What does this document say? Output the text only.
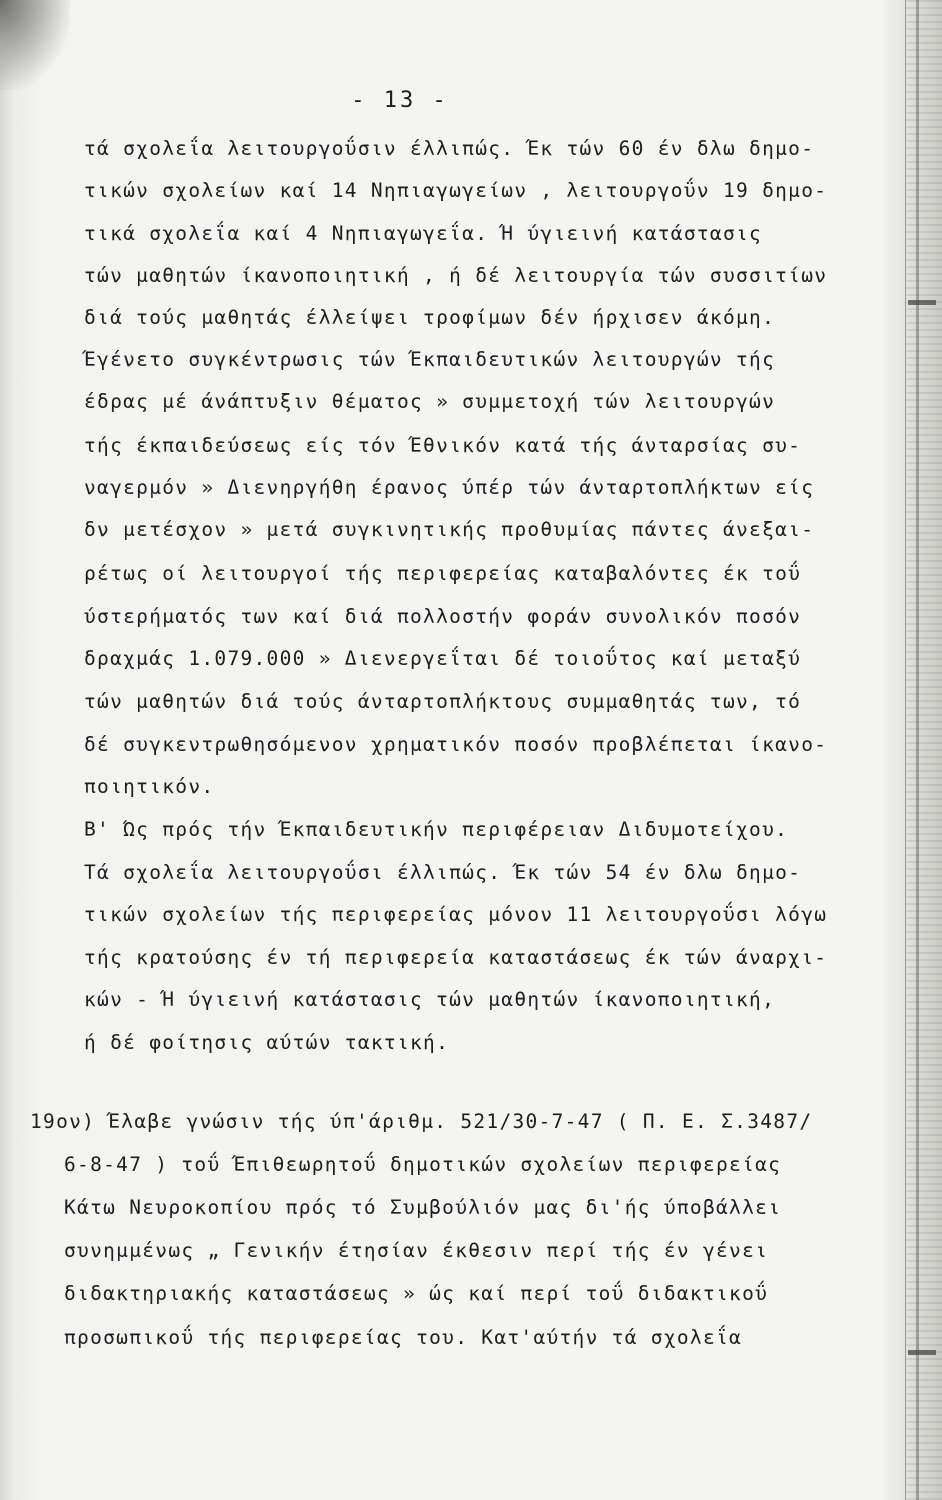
- 13 -
τά σχολεΐα λειτουργοΰσιν έλλιπώς. Έκ τών 60 έν δλω δημο-
τικών σχολείων καί 14 Νηπιαγωγείων , λειτουργοΰν 19 δημο-
τικά σχολεΐα καί 4 Νηπιαγωγεΐα. Ή ύγιεινή κατάστασις
τών μαθητών ίκανοποιητική , ή δέ λειτουργία τών συσσιτίων
διά τούς μαθητάς έλλείψει τροφίμων δέν ήρχισεν άκόμη.
Έγένετο συγκέντρωσις τών Έκπαιδευτικών λειτουργών τής
έδρας μέ άνάπτυξιν θέματος » συμμετοχή τών λειτουργών
τής έκπαιδεύσεως είς τόν Έθνικόν κατά τής άνταρσίας συ-
ναγερμόν » Διενηργήθη έρανος ύπέρ τών άνταρτοπλήκτων είς
δν μετέσχον » μετά συγκινητικής προθυμίας πάντες άνεξαι-
ρέτως οί λειτουργοί τής περιφερείας καταβαλόντες έκ τοΰ
ύστερήματός των καί διά πολλοστήν φοράν συνολικόν ποσόν
δραχμάς 1.079.000 » Διενεργεΐται δέ τοιοΰτος καί μεταξύ
τών μαθητών διά τούς άνταρτοπλήκτους συμμαθητάς των, τό
δέ συγκεντρωθησόμενον χρηματικόν ποσόν προβλέπεται ίκανο-
ποιητικόν.
Β' Ώς πρός τήν Έκπαιδευτικήν περιφέρειαν Διδυμοτείχου.
Τά σχολεΐα λειτουργοΰσι έλλιπώς. Έκ τών 54 έν δλω δημο-
τικών σχολείων τής περιφερείας μόνον 11 λειτουργοΰσι λόγω
τής κρατούσης έν τή περιφερεία καταστάσεως έκ τών άναρχι-
κών - Ή ύγιεινή κατάστασις τών μαθητών ίκανοποιητική,
ή δέ φοίτησις αύτών τακτική.
19ον) Έλαβε γνώσιν τής ύπ'άριθμ. 521/30-7-47 ( Π. Ε. Σ.3487/
6-8-47 ) τοΰ Έπιθεωρητοΰ δημοτικών σχολείων περιφερείας
Κάτω Νευροκοπίου πρός τό Συμβούλιόν μας δι'ής ύποβάλλει
συνημμένως „ Γενικήν έτησίαν έκθεσιν περί τής έν γένει
διδακτηριακής καταστάσεως » ώς καί περί τοΰ διδακτικοΰ
προσωπικοΰ τής περιφερείας του. Κατ'αύτήν τά σχολεΐα
